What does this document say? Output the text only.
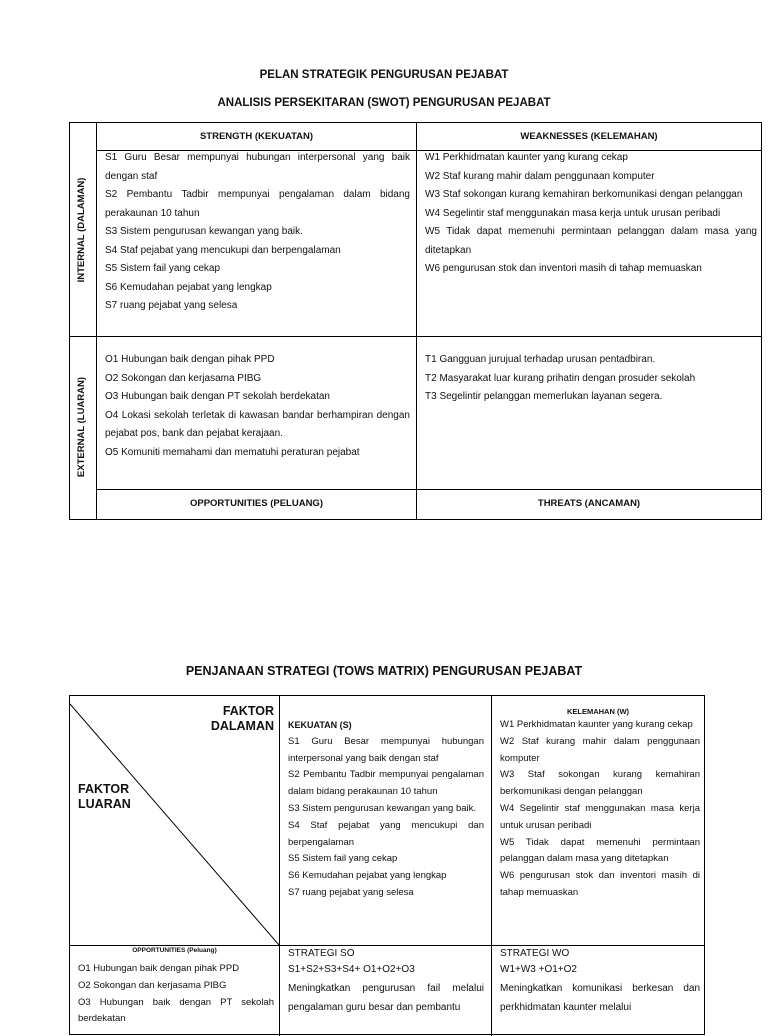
PELAN STRATEGIK PENGURUSAN PEJABAT
ANALISIS PERSEKITARAN (SWOT) PENGURUSAN PEJABAT
PENJANAAN STRATEGI (TOWS MATRIX) PENGURUSAN PEJABAT
INTERNAL (DALAMAN)
EXTERNAL (LUARAN)
STRENGTH (KEKUATAN)	WEAKNESSES (KELEMAHAN)
S1 Guru Besar mempunyai hubungan interpersonal yang baik dengan staf
S2 Pembantu Tadbir mempunyai pengalaman dalam bidang perakaunan 10 tahun
S3 Sistem pengurusan kewangan yang baik.
S4 Staf pejabat yang mencukupi dan berpengalaman
S5 Sistem fail yang cekap
S6 Kemudahan pejabat yang lengkap
S7 ruang pejabat yang selesa
W1 Perkhidmatan kaunter yang kurang cekap
W2 Staf kurang mahir dalam penggunaan komputer
W3 Staf sokongan kurang kemahiran berkomunikasi dengan pelanggan
W4 Segelintir staf menggunakan masa kerja untuk urusan peribadi
W5 Tidak dapat memenuhi permintaan pelanggan dalam masa yang ditetapkan
W6 pengurusan stok dan inventori masih di tahap memuaskan
O1 Hubungan baik dengan pihak PPD
O2 Sokongan dan kerjasama PIBG
O3 Hubungan baik dengan PT sekolah berdekatan
O4 Lokasi sekolah terletak di kawasan bandar berhampiran dengan pejabat pos, bank dan pejabat kerajaan.
O5 Komuniti memahami dan mematuhi peraturan pejabat
T1 Gangguan jurujual terhadap urusan pentadbiran.
T2 Masyarakat luar kurang prihatin dengan prosuder sekolah
T3 Segelintir pelanggan memerlukan layanan segera.
OPPORTUNITIES (PELUANG)	THREATS (ANCAMAN)
FAKTOR
DALAMAN
FAKTOR
LUARAN
KEKUATAN (S)
S1 Guru Besar mempunyai hubungan interpersonal yang baik dengan staf
S2 Pembantu Tadbir mempunyai pengalaman dalam bidang perakaunan 10 tahun
S3 Sistem pengurusan kewangan yang baik.
S4 Staf pejabat yang mencukupi dan berpengalaman
S5 Sistem fail yang cekap
S6 Kemudahan pejabat yang lengkap
S7 ruang pejabat yang selesa
KELEMAHAN (W)
W1 Perkhidmatan kaunter yang kurang cekap
W2 Staf kurang mahir dalam penggunaan komputer
W3 Staf sokongan kurang kemahiran berkomunikasi dengan pelanggan
W4 Segelintir staf menggunakan masa kerja untuk urusan peribadi
W5 Tidak dapat memenuhi permintaan pelanggan dalam masa yang ditetapkan
W6 pengurusan stok dan inventori masih di tahap memuaskan
OPPORTUNITIES (Peluang)
O1 Hubungan baik dengan pihak PPD
O2 Sokongan dan kerjasama PIBG
O3 Hubungan baik dengan PT sekolah berdekatan
STRATEGI SO
S1+S2+S3+S4+ O1+O2+O3
Meningkatkan pengurusan fail melalui pengalaman guru besar dan pembantu
STRATEGI WO
W1+W3 +O1+O2
Meningkatkan komunikasi berkesan dan perkhidmatan kaunter melalui
